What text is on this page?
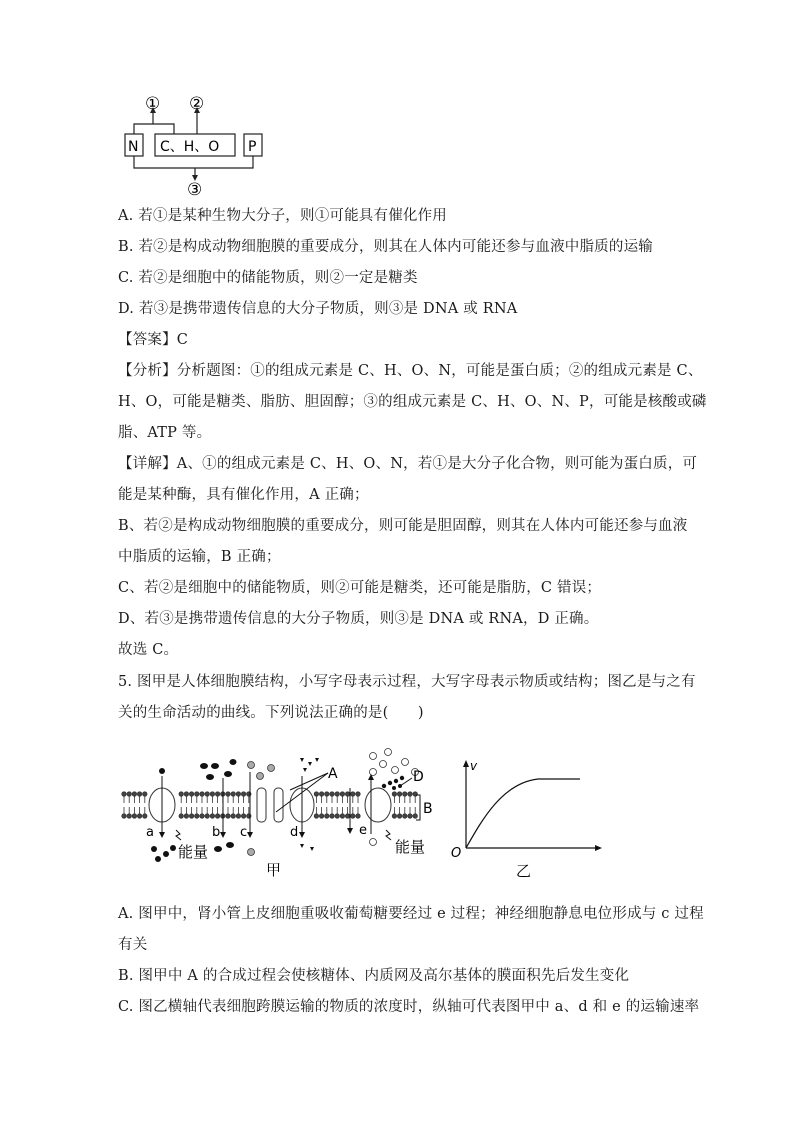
① ②
③
N C、H、O P
A. 若①是某种生物大分子，则①可能具有催化作用
B. 若②是构成动物细胞膜的重要成分，则其在人体内可能还参与血液中脂质的运输
C. 若②是细胞中的储能物质，则②一定是糖类
D. 若③是携带遗传信息的大分子物质，则③是 DNA 或 RNA
【答案】C
【分析】分析题图：①的组成元素是 C、H、O、N，可能是蛋白质；②的组成元素是 C、
H、O，可能是糖类、脂肪、胆固醇；③的组成元素是 C、H、O、N、P，可能是核酸或磷
脂、ATP 等。
【详解】A、①的组成元素是 C、H、O、N，若①是大分子化合物，则可能为蛋白质，可
能是某种酶，具有催化作用，A 正确；
B、若②是构成动物细胞膜的重要成分，则可能是胆固醇，则其在人体内可能还参与血液
中脂质的运输，B 正确；
C、若②是细胞中的储能物质，则②可能是糖类，还可能是脂肪，C 错误；
D、若③是携带遗传信息的大分子物质，则③是 DNA 或 RNA，D 正确。
故选 C。
5. 图甲是人体细胞膜结构，小写字母表示过程，大写字母表示物质或结构；图乙是与之有
关的生命活动的曲线。下列说法正确的是(　　)
a	b c	d	e
A	D
B
能量	能量
甲
v
O
乙
A. 图甲中，肾小管上皮细胞重吸收葡萄糖要经过 e 过程；神经细胞静息电位形成与 c 过程
有关
B. 图甲中 A 的合成过程会使核糖体、内质网及高尔基体的膜面积先后发生变化
C. 图乙横轴代表细胞跨膜运输的物质的浓度时，纵轴可代表图甲中 a、d 和 e 的运输速率
